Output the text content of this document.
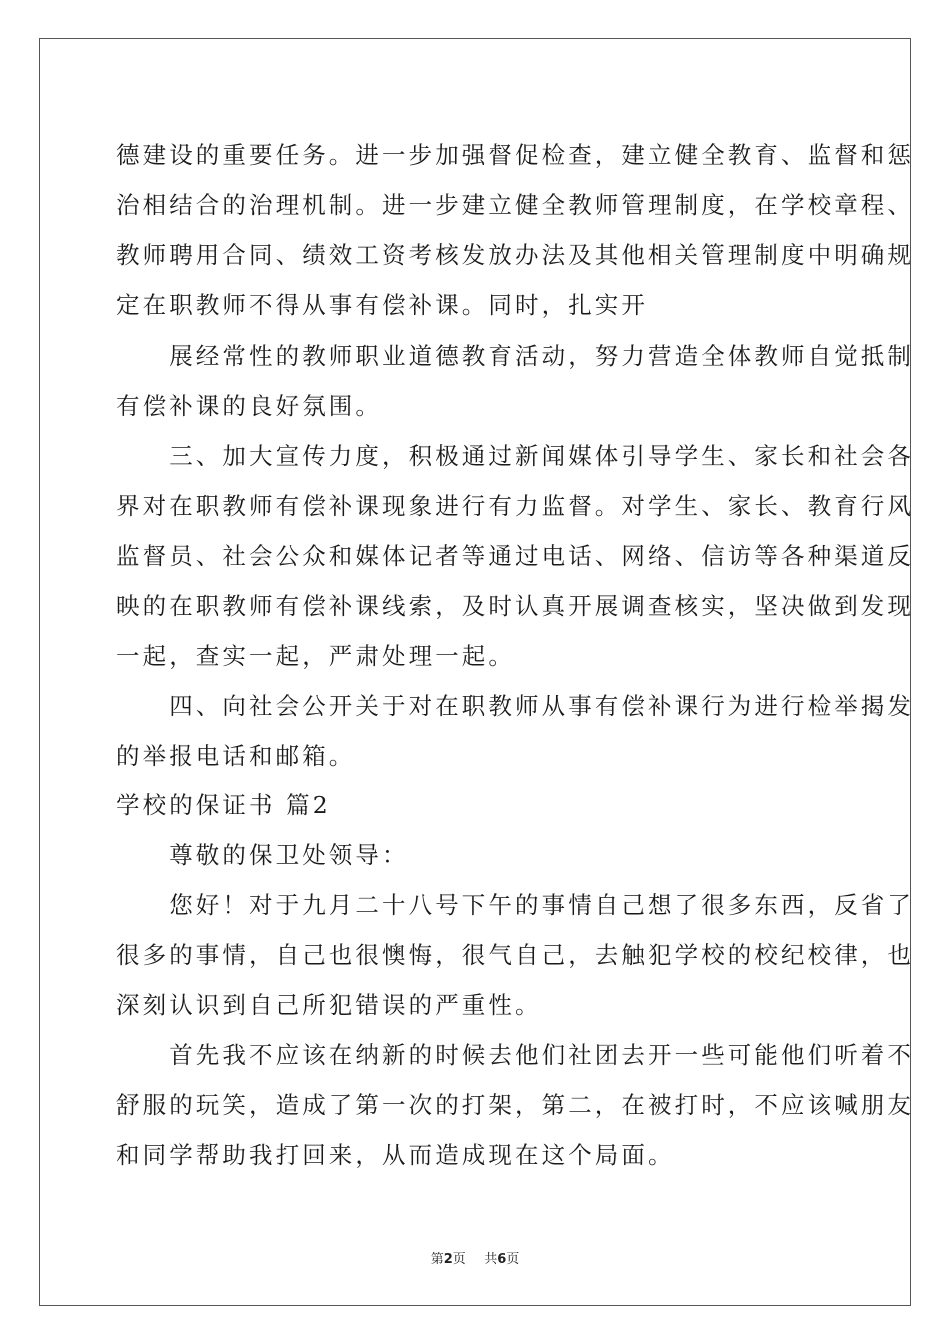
德建设的重要任务。进一步加强督促检查，建立健全教育、监督和惩
治相结合的治理机制。进一步建立健全教师管理制度，在学校章程、
教师聘用合同、绩效工资考核发放办法及其他相关管理制度中明确规
定在职教师不得从事有偿补课。同时，扎实开
　　展经常性的教师职业道德教育活动，努力营造全体教师自觉抵制
有偿补课的良好氛围。
　　三、加大宣传力度，积极通过新闻媒体引导学生、家长和社会各
界对在职教师有偿补课现象进行有力监督。对学生、家长、教育行风
监督员、社会公众和媒体记者等通过电话、网络、信访等各种渠道反
映的在职教师有偿补课线索，及时认真开展调查核实，坚决做到发现
一起，查实一起，严肃处理一起。
　　四、向社会公开关于对在职教师从事有偿补课行为进行检举揭发
的举报电话和邮箱。
学校的保证书 篇2
　　尊敬的保卫处领导：
　　您好！对于九月二十八号下午的事情自己想了很多东西，反省了
很多的事情，自己也很懊悔，很气自己，去触犯学校的校纪校律，也
深刻认识到自己所犯错误的严重性。
　　首先我不应该在纳新的时候去他们社团去开一些可能他们听着不
舒服的玩笑，造成了第一次的打架，第二，在被打时，不应该喊朋友
和同学帮助我打回来，从而造成现在这个局面。
第2页 共6页
